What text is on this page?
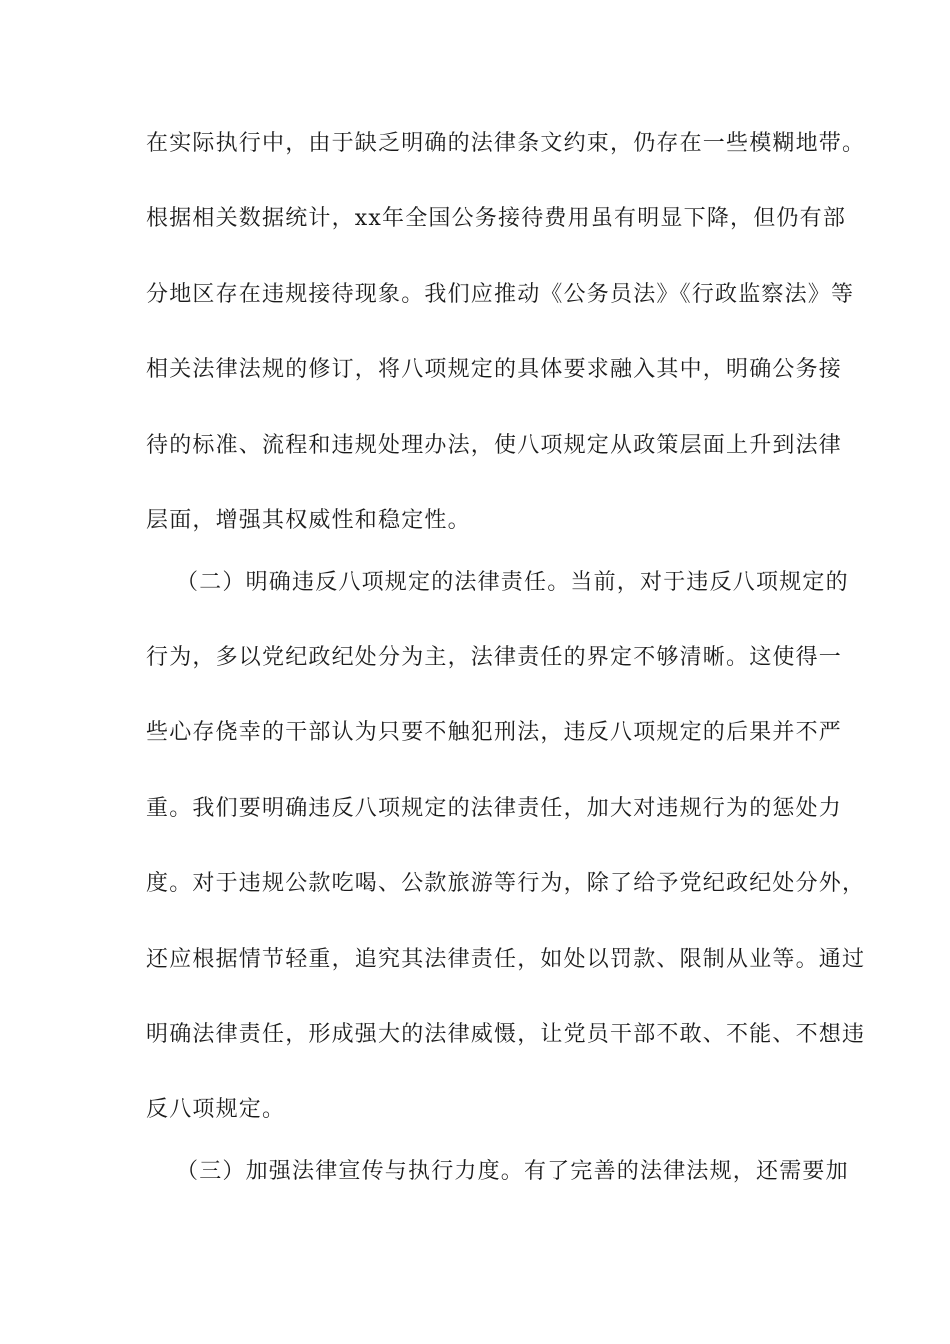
在实际执行中，由于缺乏明确的法律条文约束，仍存在一些模糊地带。
根据相关数据统计，xx年全国公务接待费用虽有明显下降，但仍有部
分地区存在违规接待现象。我们应推动《公务员法》《行政监察法》等
相关法律法规的修订，将八项规定的具体要求融入其中，明确公务接
待的标准、流程和违规处理办法，使八项规定从政策层面上升到法律
层面，增强其权威性和稳定性。
（二）明确违反八项规定的法律责任。当前，对于违反八项规定的
行为，多以党纪政纪处分为主，法律责任的界定不够清晰。这使得一
些心存侥幸的干部认为只要不触犯刑法，违反八项规定的后果并不严
重。我们要明确违反八项规定的法律责任，加大对违规行为的惩处力
度。对于违规公款吃喝、公款旅游等行为，除了给予党纪政纪处分外，
还应根据情节轻重，追究其法律责任，如处以罚款、限制从业等。通过
明确法律责任，形成强大的法律威慑，让党员干部不敢、不能、不想违
反八项规定。
（三）加强法律宣传与执行力度。有了完善的法律法规，还需要加
